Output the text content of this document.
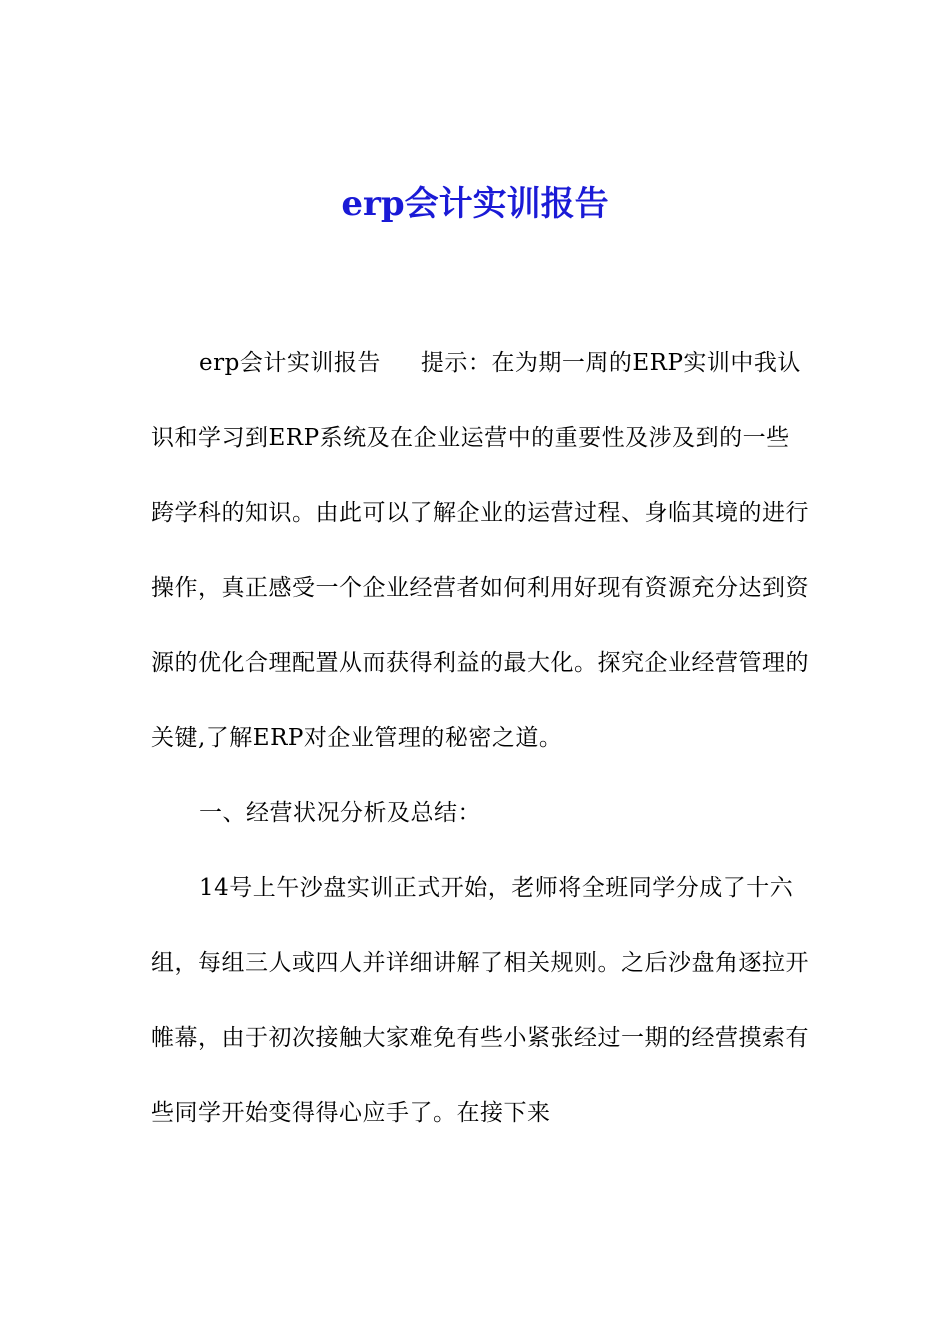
erp会计实训报告

erp会计实训报告 提示：在为期一周的ERP实训中我认识和学习到ERP系统及在企业运营中的重要性及涉及到的一些跨学科的知识。由此可以了解企业的运营过程、身临其境的进行操作，真正感受一个企业经营者如何利用好现有资源充分达到资源的优化合理配置从而获得利益的最大化。探究企业经营管理的关键,了解ERP对企业管理的秘密之道。

一、经营状况分析及总结：

14号上午沙盘实训正式开始，老师将全班同学分成了十六组，每组三人或四人并详细讲解了相关规则。之后沙盘角逐拉开帷幕，由于初次接触大家难免有些小紧张经过一期的经营摸索有些同学开始变得得心应手了。在接下来
